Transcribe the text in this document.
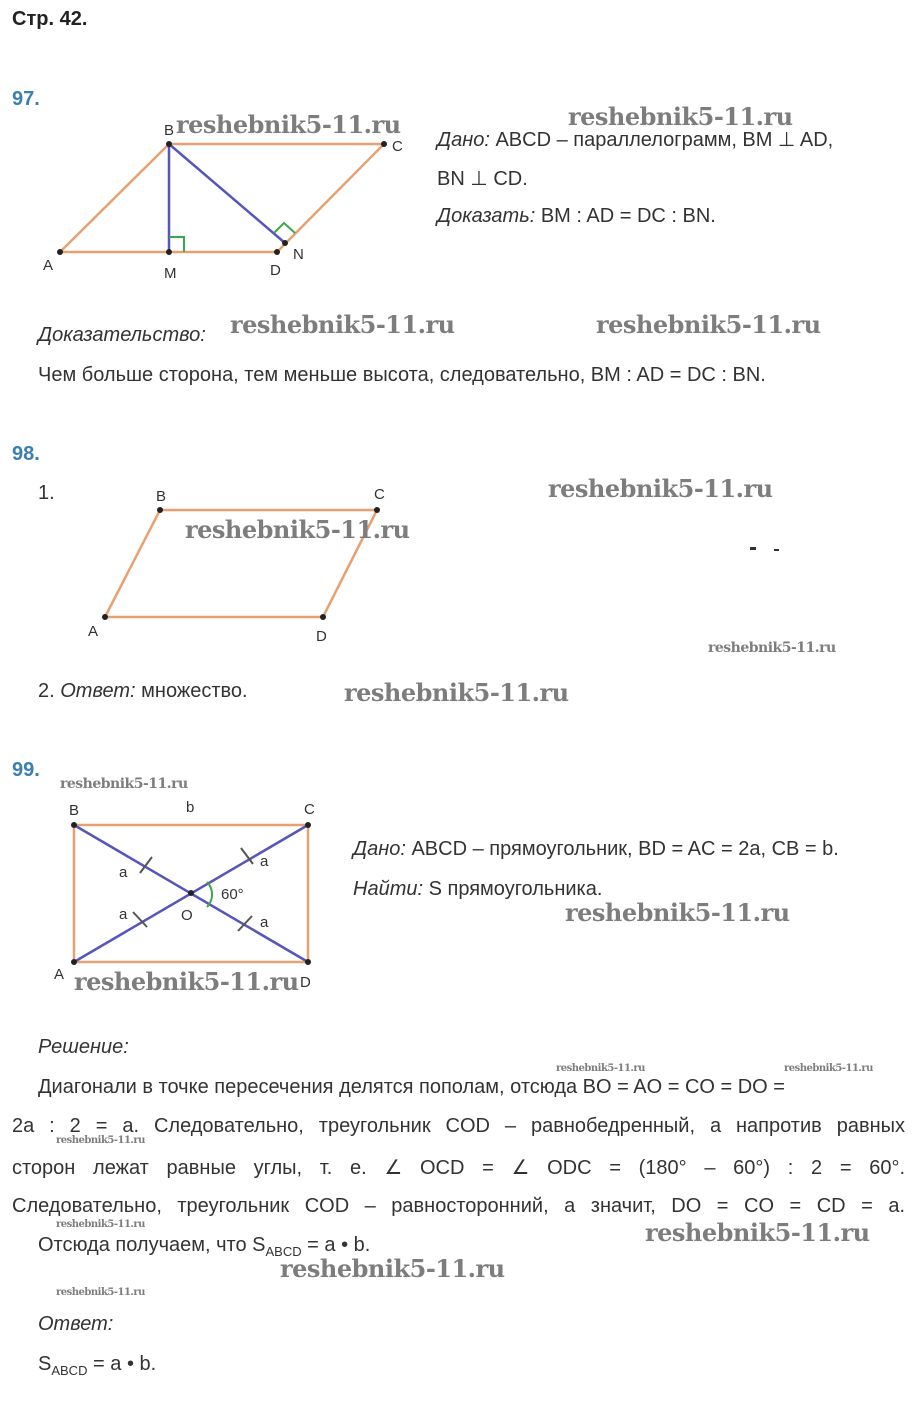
Стр. 42.
97.
A
B
C
D
M
N
reshebnik5-11.ru	reshebnik5-11.ru
Дано: ABCD – параллелограмм, BM ⊥ AD,
BN ⊥ CD.
Доказать: BM : AD = DC : BN.
Доказательство: reshebnik5-11.ru	reshebnik5-11.ru
Чем больше сторона, тем меньше высота, следовательно, BM : AD = DC : BN.
98.
1.
A
B	C
D
reshebnik5-11.ru
reshebnik5-11.ru
reshebnik5-11.ru
2. Ответ: множество.	reshebnik5-11.ru
99.
reshebnik5-11.ru
B	C
A	D
O
b
a
a
a	a
60°
reshebnik5-11.ru
Дано: ABCD – прямоугольник, BD = AC = 2a, CB = b.
Найти: S прямоугольника.
reshebnik5-11.ru
Решение:
reshebnik5-11.ru	reshebnik5-11.ru
Диагонали в точке пересечения делятся пополам, отсюда BO = AO = CO = DO =
2a : 2 = a. Следовательно, треугольник COD – равнобедренный, а напротив равных
reshebnik5-11.ru
сторон лежат равные углы, т. е. ∠ OCD = ∠ ODC = (180° – 60°) : 2 = 60°.
Следовательно, треугольник COD – равносторонний, а значит, DO = CO = CD = a.
reshebnik5-11.ru
Отсюда получаем, что $S_{ABCD} = a$ • b.	reshebnik5-11.ru
reshebnik5-11.ru
reshebnik5-11.ru
Ответ:
$S_{ABCD} = a$ • b.
